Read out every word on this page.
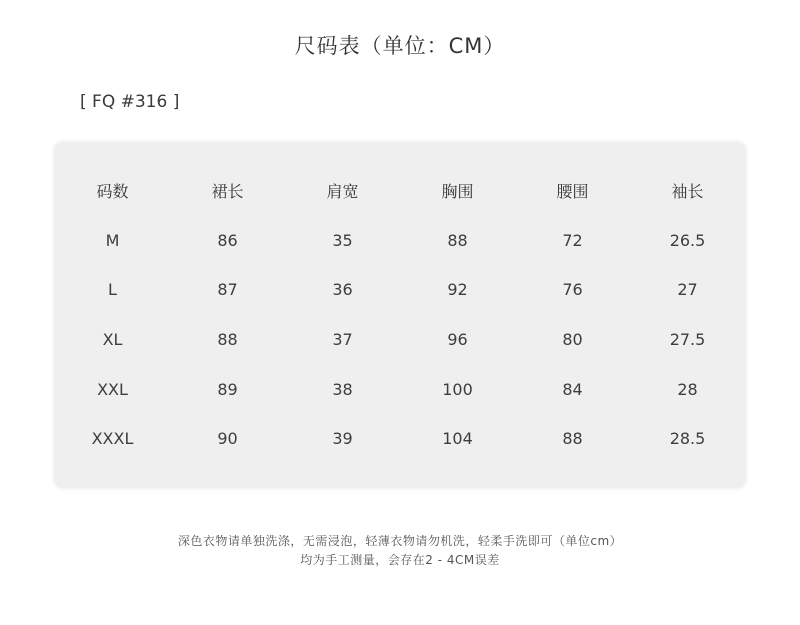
尺码表（单位：CM）
[ FQ #316 ]
码数	裙长	肩宽	胸围	腰围	袖长
M	86	35	88	72	26.5
L	87	36	92	76	27
XL	88	37	96	80	27.5
XXL	89	38	100	84	28
XXXL	90	39	104	88	28.5
深色衣物请单独洗涤，无需浸泡，轻薄衣物请勿机洗，轻柔手洗即可（单位cm）
均为手工测量，会存在2 - 4CM误差
